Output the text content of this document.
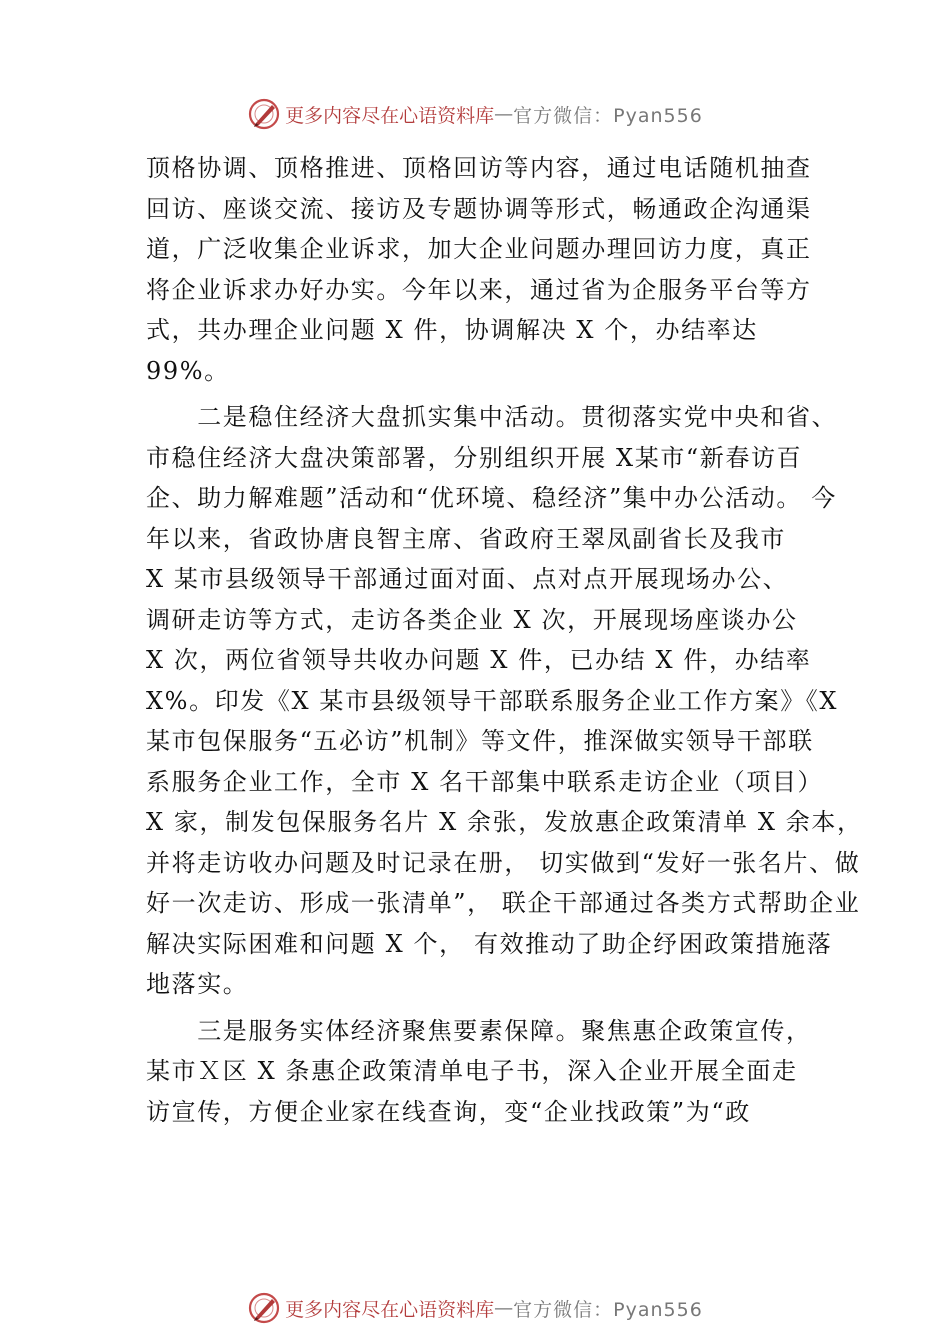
更多内容尽在心语资料库 — 官方微信：Pyan556
顶格协调、顶格推进、顶格回访等内容，通过电话随机抽查
回访、座谈交流、接访及专题协调等形式，畅通政企沟通渠
道，广泛收集企业诉求，加大企业问题办理回访力度，真正
将企业诉求办好办实。今年以来，通过省为企服务平台等方
式，共办理企业问题 X 件，协调解决 X 个，办结率达
99%。
　　二是稳住经济大盘抓实集中活动。贯彻落实党中央和省、
市稳住经济大盘决策部署，分别组织开展 X某市“新春访百
企、助力解难题”活动和“优环境、稳经济”集中办公活动。 今
年以来，省政协唐良智主席、省政府王翠凤副省长及我市
X 某市县级领导干部通过面对面、点对点开展现场办公、
调研走访等方式，走访各类企业 X 次，开展现场座谈办公
X 次，两位省领导共收办问题 X 件，已办结 X 件，办结率
X%。印发《X 某市县级领导干部联系服务企业工作方案》《X
某市包保服务“五必访”机制》等文件，推深做实领导干部联
系服务企业工作，全市 X 名干部集中联系走访企业（项目）
X 家，制发包保服务名片 X 余张，发放惠企政策清单 X 余本，
并将走访收办问题及时记录在册， 切实做到“发好一张名片、做
好一次走访、形成一张清单”， 联企干部通过各类方式帮助企业
解决实际困难和问题 X 个， 有效推动了助企纾困政策措施落
地落实。
　　三是服务实体经济聚焦要素保障。聚焦惠企政策宣传，
某市Ｘ区 X 条惠企政策清单电子书，深入企业开展全面走
访宣传，方便企业家在线查询，变“企业找政策”为“政
更多内容尽在心语资料库 — 官方微信：Pyan556
